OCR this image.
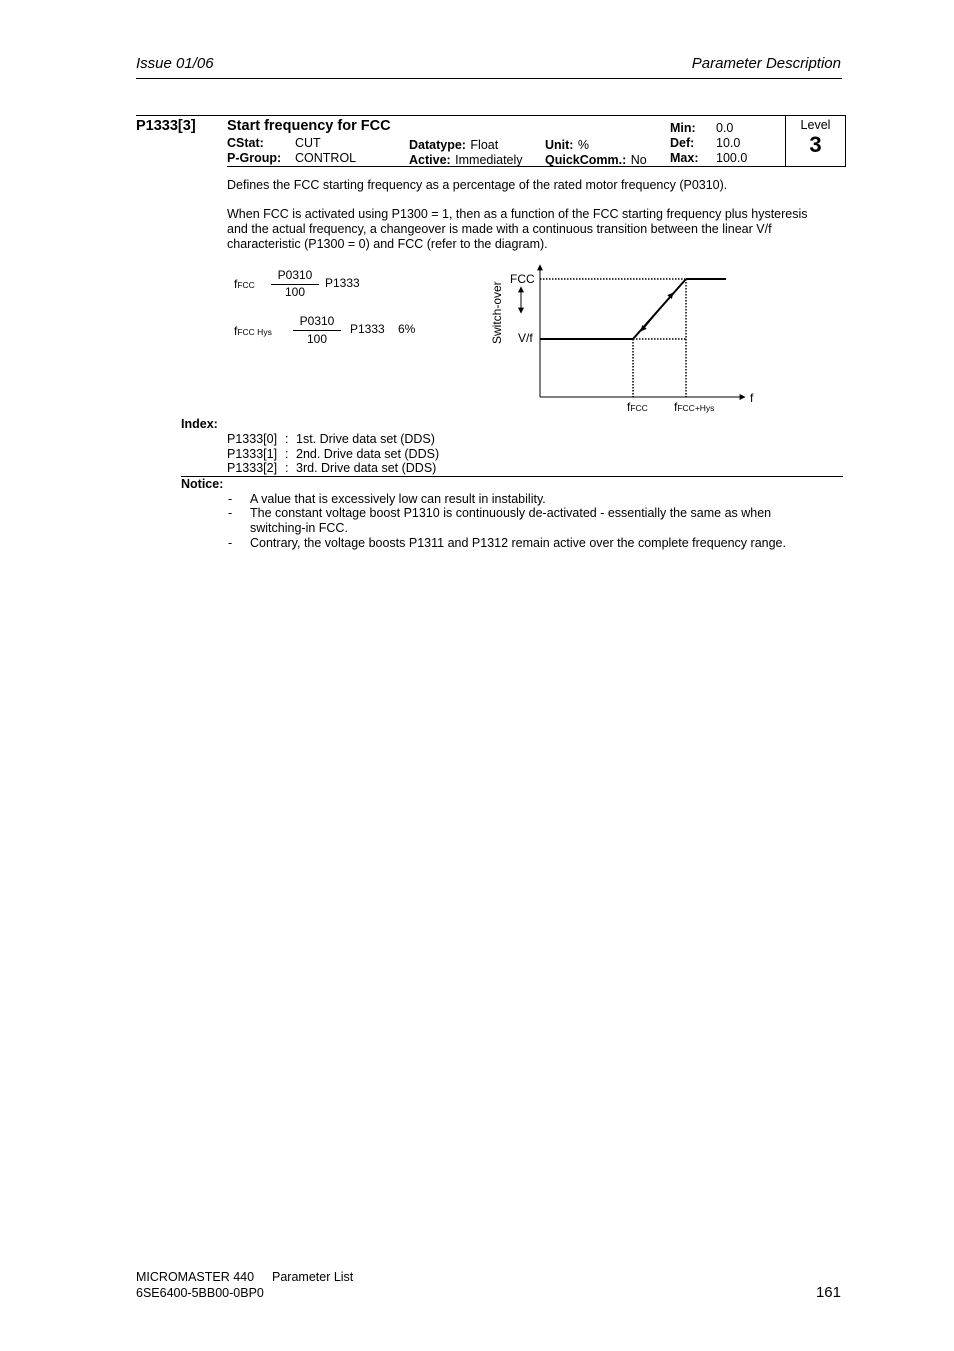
Issue 01/06	Parameter Description
P1333[3] Start frequency for FCC
CStat: CUT
P-Group: CONTROL
Datatype: Float
Active: Immediately
Unit: %
QuickComm.: No
Min: 0.0
Def: 10.0
Max: 100.0
Level
3
Defines the FCC starting frequency as a percentage of the rated motor frequency (P0310).
When FCC is activated using P1300 = 1, then as a function of the FCC starting frequency plus hysteresis
and the actual frequency, a changeover is made with a continuous transition between the linear V/f
characteristic (P1300 = 0) and FCC (refer to the diagram).
fFCC
P0310
100
P1333
fFCC Hys
P0310
100
P1333 6%	Switch-over
FCC
V/f
f
fFCC fFCC+Hys
Index:
P1333[0] : 1st. Drive data set (DDS)
P1333[1] : 2nd. Drive data set (DDS)
P1333[2] : 3rd. Drive data set (DDS)
Notice:
- A value that is excessively low can result in instability.
- The constant voltage boost P1310 is continuously de-activated - essentially the same as when
switching-in FCC.
- Contrary, the voltage boosts P1311 and P1312 remain active over the complete frequency range.
MICROMASTER 440 Parameter List
6SE6400-5BB00-0BP0	161
